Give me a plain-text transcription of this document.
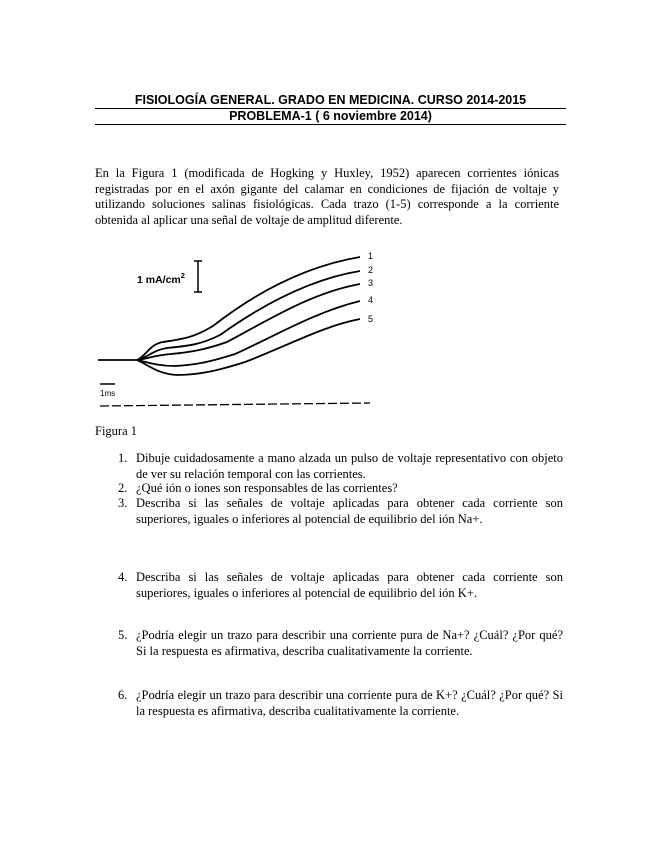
FISIOLOGÍA GENERAL. GRADO EN MEDICINA. CURSO 2014-2015
PROBLEMA-1 ( 6 noviembre 2014)
En la Figura 1 (modificada de Hogking y Huxley, 1952) aparecen corrientes iónicas registradas por en el axón gigante del calamar en condiciones de fijación de voltaje y utilizando soluciones salinas fisiológicas. Cada trazo (1-5) corresponde a la corriente obtenida al aplicar una señal de voltaje de amplitud diferente.
1
2
3
4
5
1 $mA/cm^2$
1ms
Figura 1
1. Dibuje cuidadosamente a mano alzada un pulso de voltaje representativo con objeto de ver su relación temporal con las corrientes.
2. ¿Qué ión o iones son responsables de las corrientes?
3. Describa si las señales de voltaje aplicadas para obtener cada corriente son superiores, iguales o inferiores al potencial de equilibrio del ión Na+.
4. Describa si las señales de voltaje aplicadas para obtener cada corriente son superiores, iguales o inferiores al potencial de equilibrio del ión K+.
5. ¿Podría elegir un trazo para describir una corriente pura de Na+? ¿Cuál? ¿Por qué? Si la respuesta es afirmativa, describa cualitativamente la corriente.
6. ¿Podría elegir un trazo para describir una corriente pura de K+? ¿Cuál? ¿Por qué? Si la respuesta es afirmativa, describa cualitativamente la corriente.
